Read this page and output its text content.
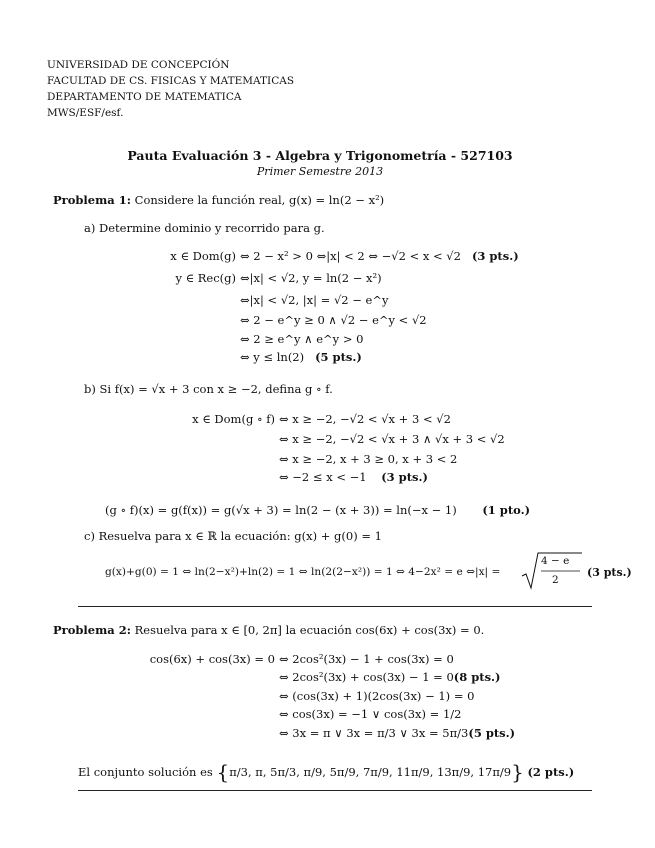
UNIVERSIDAD DE CONCEPCIÓN
FACULTAD DE CS. FISICAS Y MATEMATICAS
DEPARTAMENTO DE MATEMATICA
MWS/ESF/esf.
Pauta Evaluación 3 - Algebra y Trigonometría - 527103
Primer Semestre 2013
Problema 1: Considere la función real, g(x) = ln(2 − x²)
a) Determine dominio y recorrido para g.
x ∈ Dom(g) ⇔ 2 − x² > 0 ⇔|x| < 2 ⇔ −√2 < x < √2 (3 pts.)
y ∈ Rec(g) ⇔|x| < √2, y = ln(2 − x²)
⇔|x| < √2, |x| = √2 − e^y
⇔ 2 − e^y ≥ 0 ∧ √2 − e^y < √2
⇔ 2 ≥ e^y ∧ e^y > 0
⇔ y ≤ ln(2) (5 pts.)
b) Si f(x) = √x + 3 con x ≥ −2, defina g ∘ f.
x ∈ Dom(g ∘ f) ⇔ x ≥ −2, −√2 < √x + 3 < √2
⇔ x ≥ −2, −√2 < √x + 3 ∧ √x + 3 < √2
⇔ x ≥ −2, x + 3 ≥ 0, x + 3 < 2
⇔ −2 ≤ x < −1 (3 pts.)
(g ∘ f)(x) = g(f(x)) = g(√x + 3) = ln(2 − (x + 3)) = ln(−x − 1) (1 pto.)
c) Resuelva para x ∈ ℝ la ecuación: g(x) + g(0) = 1
g(x)+g(0) = 1 ⇔ ln(2−x²)+ln(2) = 1 ⇔ ln(2(2−x²)) = 1 ⇔ 4−2x² = e ⇔|x| =
4 − e
2
(3 pts.)
Problema 2: Resuelva para x ∈ [0, 2π] la ecuación cos(6x) + cos(3x) = 0.
cos(6x) + cos(3x) = 0 ⇔ 2cos²(3x) − 1 + cos(3x) = 0
⇔ 2cos²(3x) + cos(3x) − 1 = 0(8 pts.)
⇔ (cos(3x) + 1)(2cos(3x) − 1) = 0
⇔ cos(3x) = −1 ∨ cos(3x) = 1/2
⇔ 3x = π ∨ 3x = π/3 ∨ 3x = 5π/3(5 pts.)
El conjunto solución es {π/3, π, 5π/3, π/9, 5π/9, 7π/9, 11π/9, 13π/9, 17π/9} (2 pts.)
